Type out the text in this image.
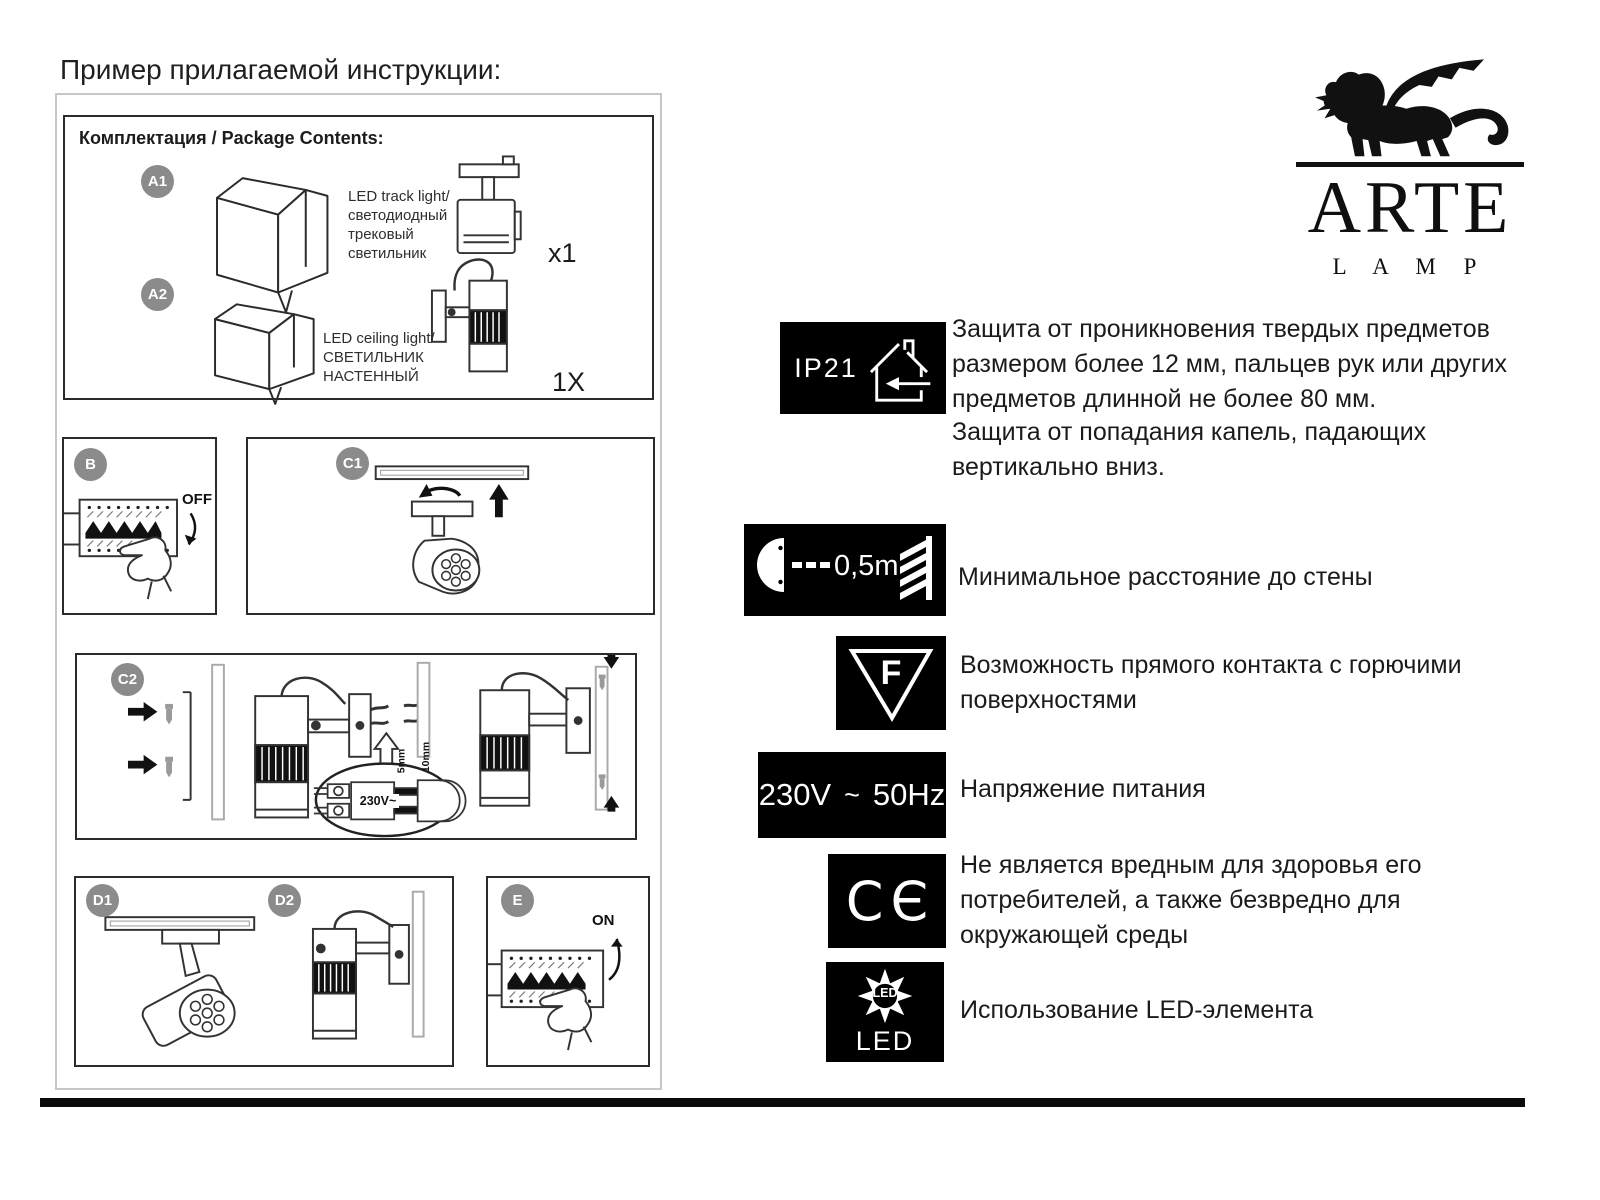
Пример прилагаемой инструкции:
Комплектация / Package Contents:
A1
LED track light/
светодиодный
трековый
светильник	x1
A2
LED ceiling light/
СВЕТИЛЬНИК
НАСТЕННЫЙ	1X
B
OFF
C1
C2
230V~
5mm 10mm
D1	D2	E
ON
ARTE
L A M P
IP21
Защита от проникновения твердых предметов размером более 12 мм, пальцев рук или других предметов длинной не более 80 мм.
Защита от попадания капель, падающих вертикально вниз.
0,5m Минимальное расстояние до стены
F	Возможность прямого контакта с горючими поверхностями
230V ~ 50Hz Напряжение питания
C Є
Не является вредным для здоровья его потребителей, а также безвредно для окружающей среды
LED
LED
Использование LED-элемента
